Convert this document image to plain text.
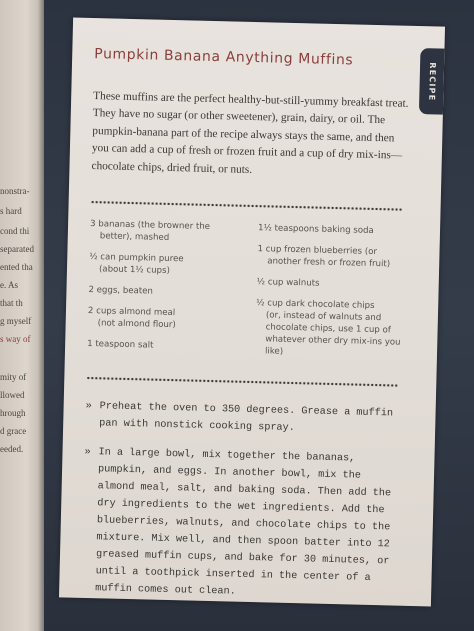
nonstra-
s hard
cond thi
separated
ented tha
e. As
that th
g myself
s way of
mity of
llowed
hrough
d grace
eeded.
Pumpkin Banana Anything Muffins
RECIPE

These muffins are the perfect healthy-but-still-yummy breakfast treat. They have no sugar (or other sweetener), grain, dairy, or oil. The pumpkin-banana part of the recipe always stays the same, and then you can add a cup of fresh or frozen fruit and a cup of dry mix-ins—chocolate chips, dried fruit, or nuts.

3 bananas (the browner the
better), mashed
½ can pumpkin puree
(about 1½ cups)
2 eggs, beaten
2 cups almond meal
(not almond flour)
1 teaspoon salt
1½ teaspoons baking soda
1 cup frozen blueberries (or
another fresh or frozen fruit)
½ cup walnuts
½ cup dark chocolate chips
(or, instead of walnuts and chocolate chips, use 1 cup of whatever other dry mix-ins you like)
» Preheat the oven to 350 degrees. Grease a muffin pan with nonstick cooking spray.
» In a large bowl, mix together the bananas, pumpkin, and eggs. In another bowl, mix the almond meal, salt, and baking soda. Then add the dry ingredients to the wet ingredients. Add the blueberries, walnuts, and chocolate chips to the mixture. Mix well, and then spoon batter into 12 greased muffin cups, and bake for 30 minutes, or until a toothpick inserted in the center of a muffin comes out clean.
